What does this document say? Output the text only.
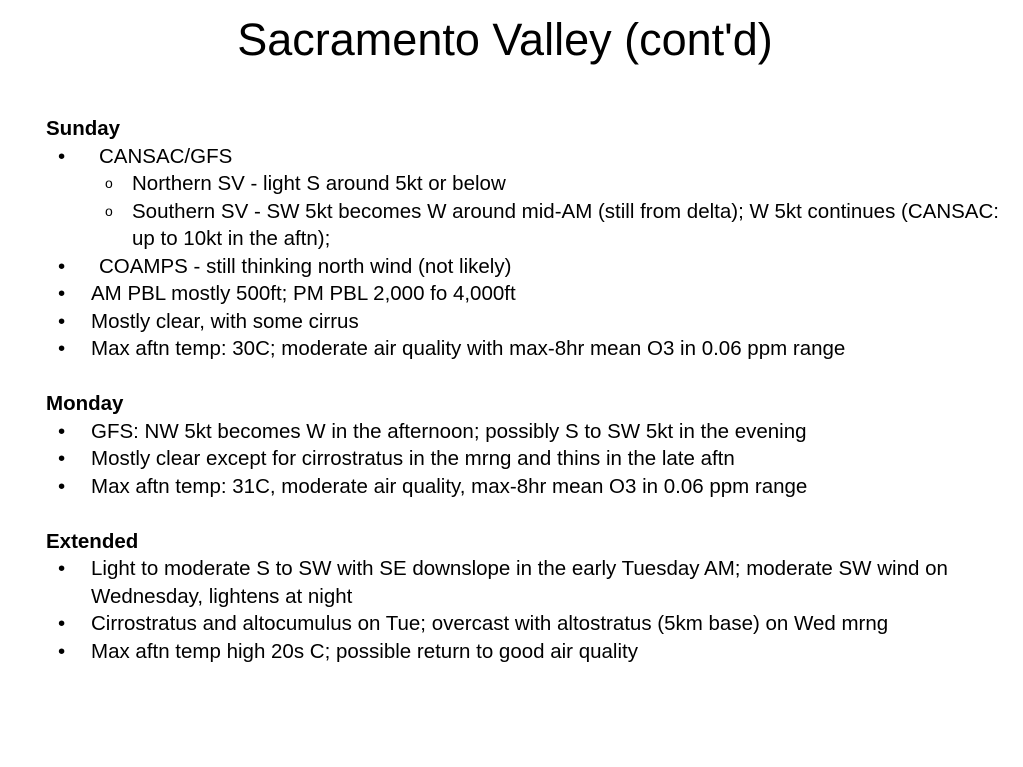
Sacramento Valley (cont'd)
Sunday
• CANSAC/GFS
o Northern SV - light S around 5kt or below
o Southern SV - SW 5kt becomes W around mid-AM (still from delta); W 5kt continues (CANSAC: up to 10kt in the aftn);
• COAMPS - still thinking north wind (not likely)
• AM PBL mostly 500ft; PM PBL 2,000 fo 4,000ft
• Mostly clear, with some cirrus
• Max aftn temp: 30C; moderate air quality with max-8hr mean O3 in 0.06 ppm range
Monday
• GFS: NW 5kt becomes W in the afternoon; possibly S to SW 5kt in the evening
• Mostly clear except for cirrostratus in the mrng and thins in the late aftn
• Max aftn temp: 31C, moderate air quality, max-8hr mean O3 in 0.06 ppm range
Extended
• Light to moderate S to SW with SE downslope in the early Tuesday AM; moderate SW wind on Wednesday, lightens at night
• Cirrostratus and altocumulus on Tue; overcast with altostratus (5km base) on Wed mrng
• Max aftn temp high 20s C; possible return to good air quality
